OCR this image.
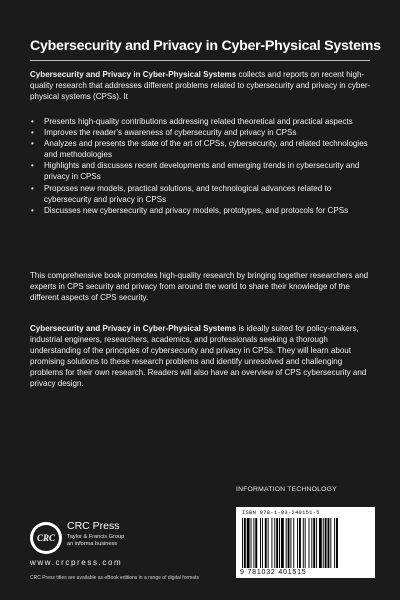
Cybersecurity and Privacy in Cyber-Physical Systems
Cybersecurity and Privacy in Cyber-Physical Systems collects and reports on recent high-quality research that addresses different problems related to cybersecurity and privacy in cyber-physical systems (CPSs). It
• Presents high-quality contributions addressing related theoretical and practical aspects
• Improves the reader’s awareness of cybersecurity and privacy in CPSs
• Analyzes and presents the state of the art of CPSs, cybersecurity, and related technologies and methodologies
• Highlights and discusses recent developments and emerging trends in cybersecurity and privacy in CPSs
• Proposes new models, practical solutions, and technological advances related to cybersecurity and privacy in CPSs
• Discusses new cybersecurity and privacy models, prototypes, and protocols for CPSs
This comprehensive book promotes high-quality research by bringing together researchers and experts in CPS security and privacy from around the world to share their knowledge of the different aspects of CPS security.
Cybersecurity and Privacy in Cyber-Physical Systems is ideally suited for policy-makers, industrial engineers, researchers, academics, and professionals seeking a thorough understanding of the principles of cybersecurity and privacy in CPSs. They will learn about promising solutions to these research problems and identify unresolved and challenging problems for their own research. Readers will also have an overview of CPS cybersecurity and privacy design.
INFORMATION TECHNOLOGY
CRC
CRC Press
Taylor & Francis Group
an informa business
www.crcpress.com
CRC Press titles are available as eBook editions in a range of digital formats
ISBN 978-1-03-240151-5
9 781032 401515
